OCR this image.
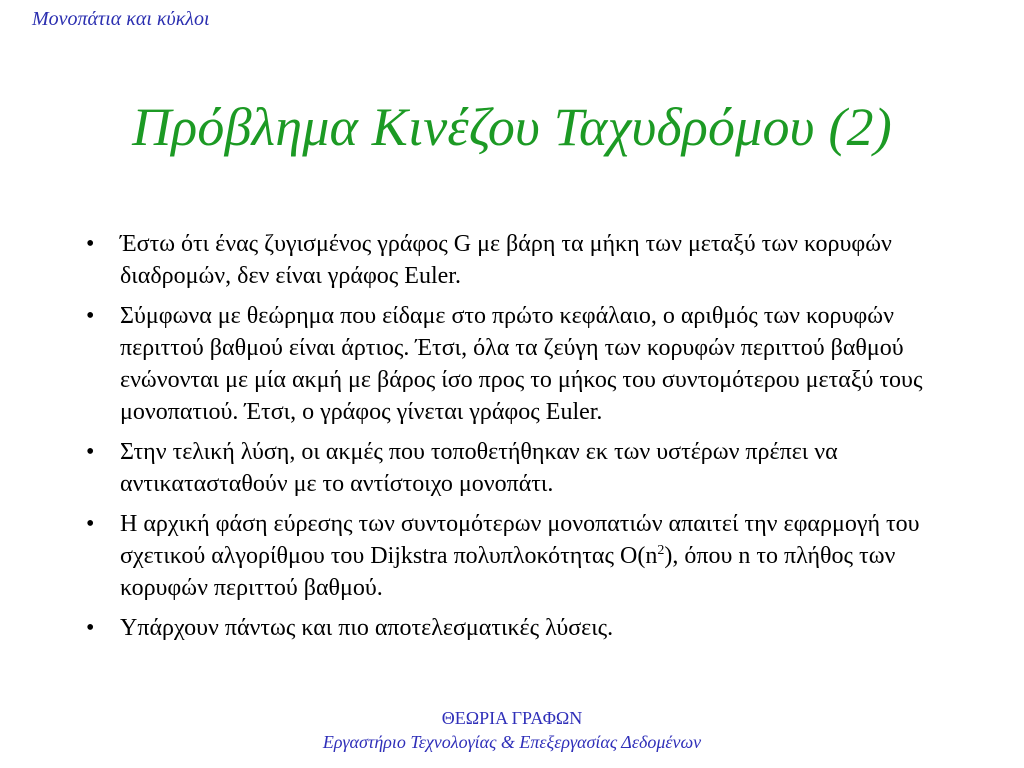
Μονοπάτια και κύκλοι
Πρόβλημα Κινέζου Ταχυδρόμου (2)
•	Έστω ότι ένας ζυγισμένος γράφος G με βάρη τα μήκη των μεταξύ των κορυφών διαδρομών, δεν είναι γράφος Euler.
•	Σύμφωνα με θεώρημα που είδαμε στο πρώτο κεφάλαιο, ο αριθμός των κορυφών περιττού βαθμού είναι άρτιος. Έτσι, όλα τα ζεύγη των κορυφών περιττού βαθμού ενώνονται με μία ακμή με βάρος ίσο προς το μήκος του συντομότερου μεταξύ τους μονοπατιού. Έτσι, ο γράφος γίνεται γράφος Euler.
•	Στην τελική λύση, οι ακμές που τοποθετήθηκαν εκ των υστέρων πρέπει να αντικατασταθούν με το αντίστοιχο μονοπάτι.
•	Η αρχική φάση εύρεσης των συντομότερων μονοπατιών απαιτεί την εφαρμογή του σχετικού αλγορίθμου του Dijkstra πολυπλοκότητας $O(n^2)$, όπου n το πλήθος των κορυφών περιττού βαθμού.
•	Υπάρχουν πάντως και πιο αποτελεσματικές λύσεις.
ΘΕΩΡΙΑ ΓΡΑΦΩΝ
Εργαστήριο Τεχνολογίας & Επεξεργασίας Δεδομένων
